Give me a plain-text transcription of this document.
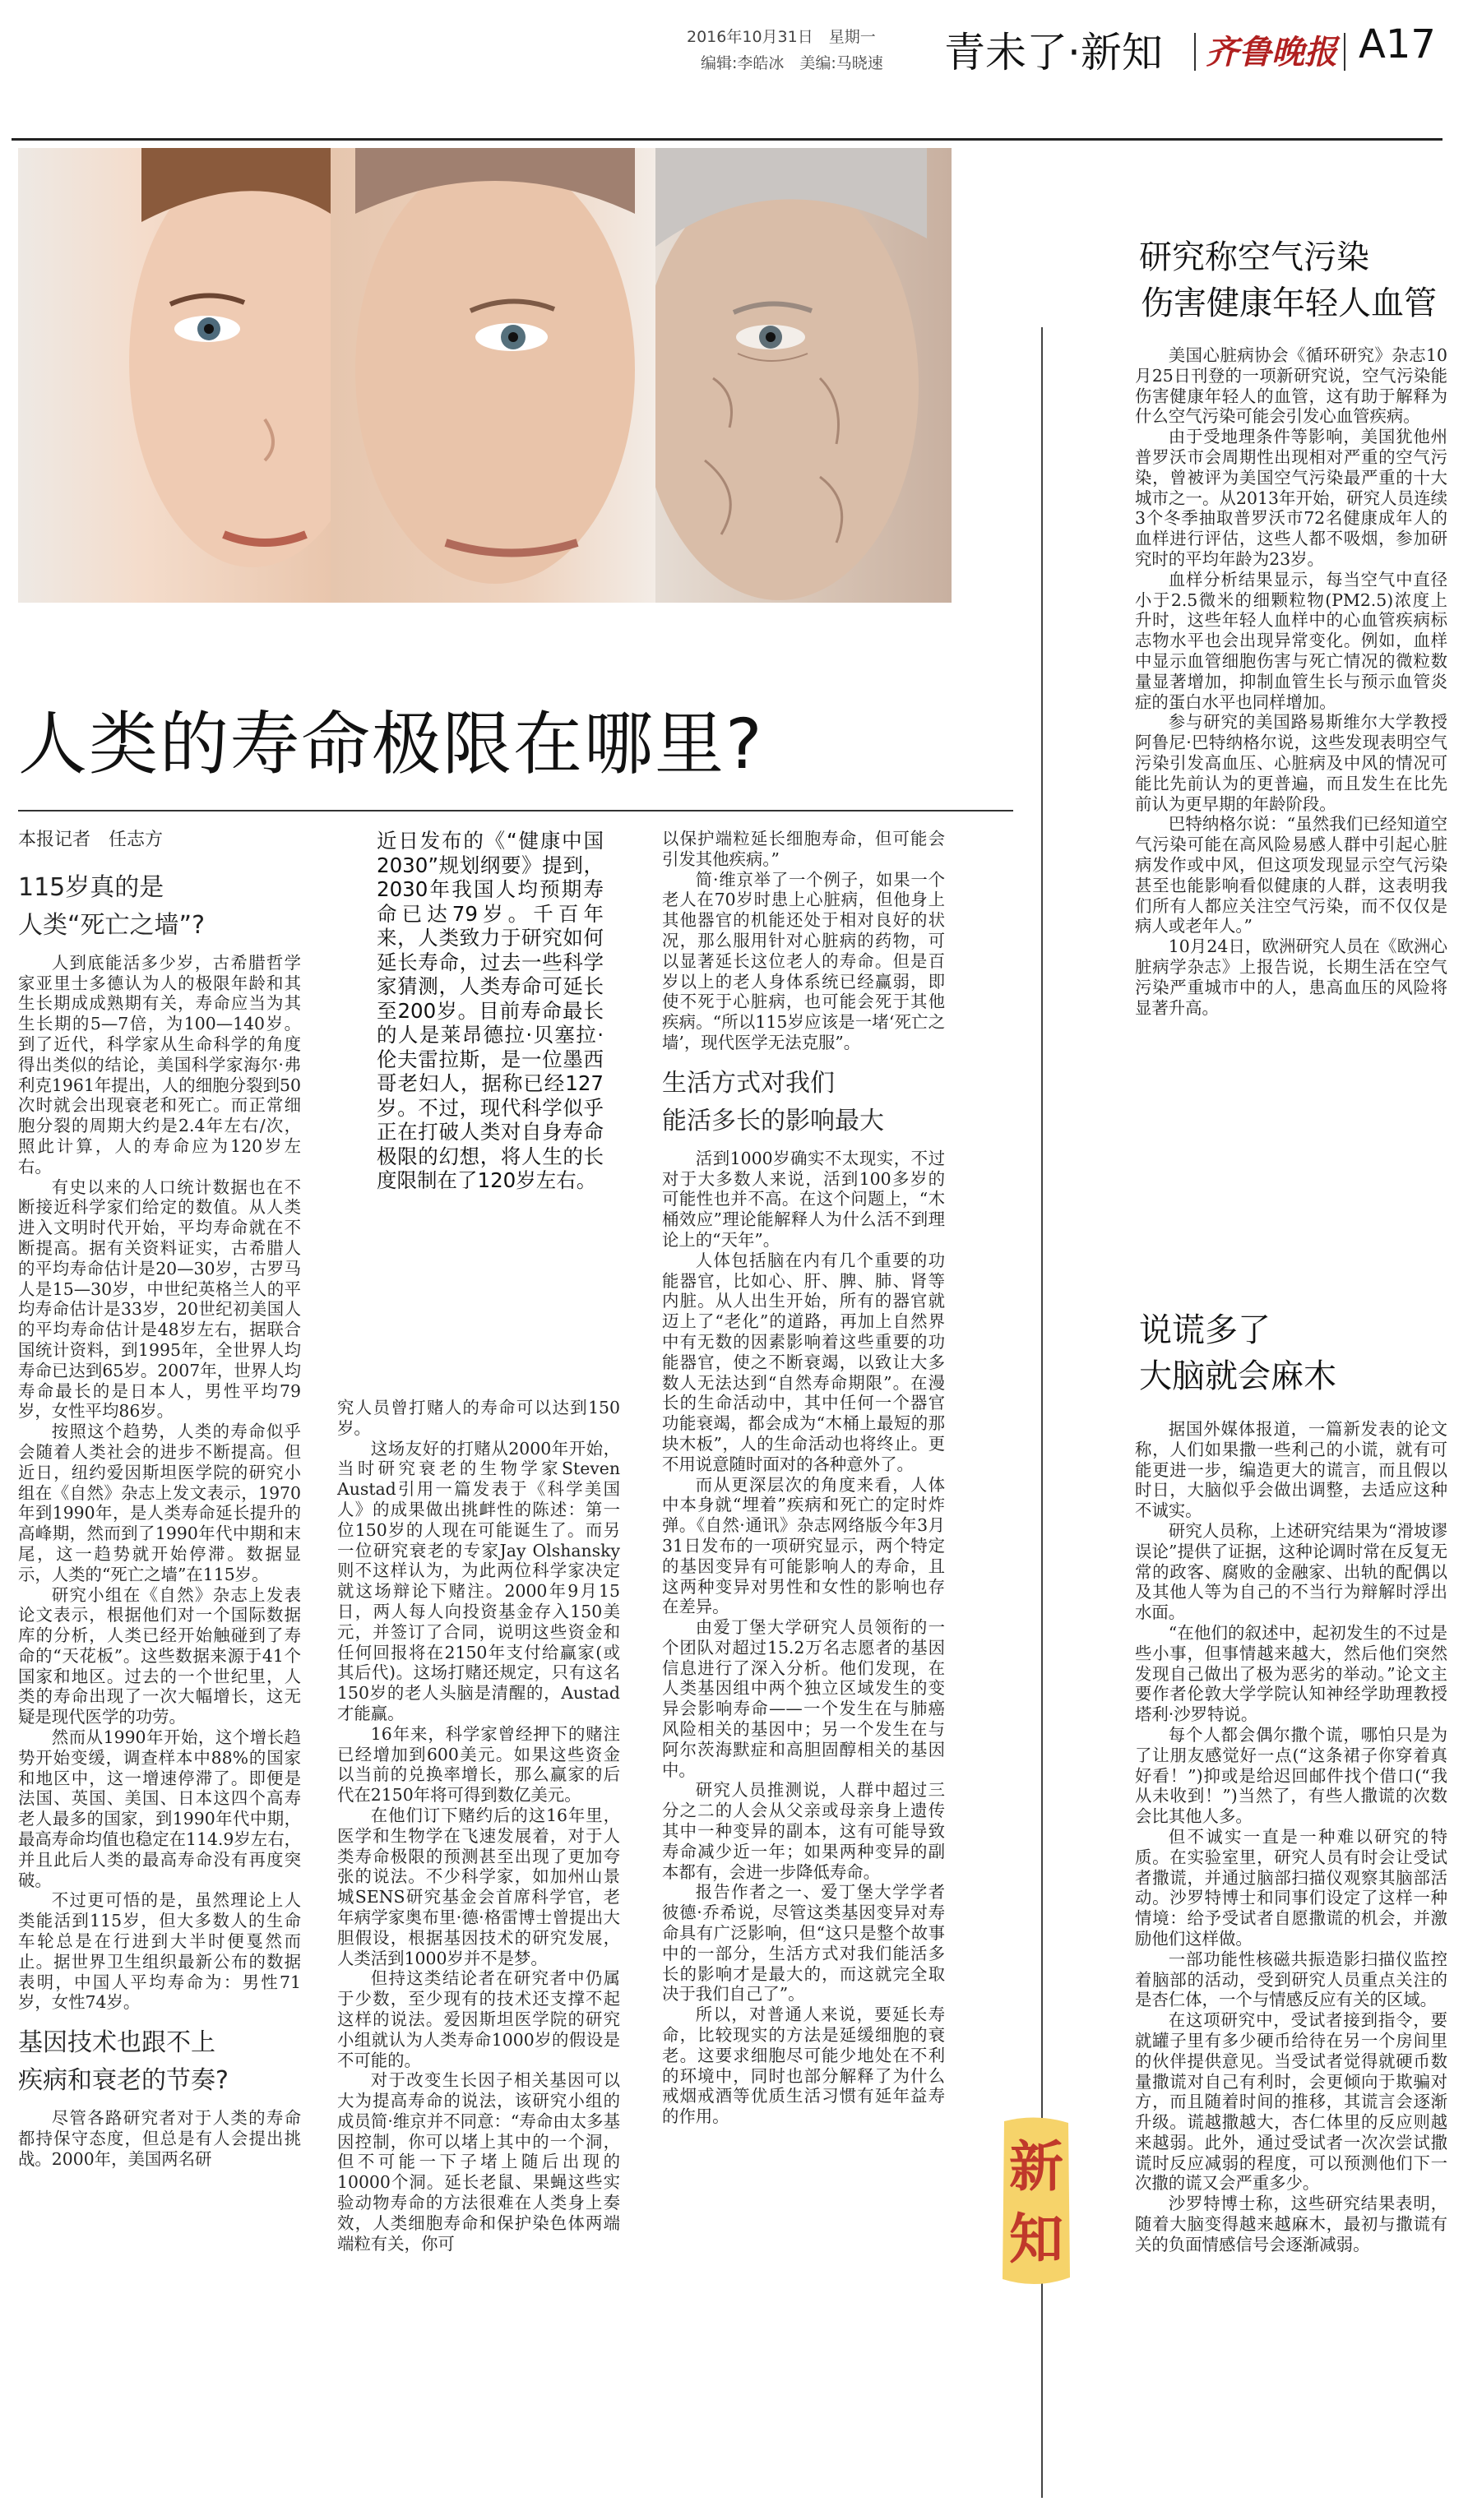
2016年10月31日　星期一
编辑:李皓冰　美编:马晓速 青未了·新知 齐鲁晚报 A17
人类的寿命极限在哪里?
本报记者　任志方
115岁真的是
人类“死亡之墙”?

人到底能活多少岁，古希腊哲学家亚里士多德认为人的极限年龄和其生长期成成熟期有关，寿命应当为其生长期的5—7倍，为100—140岁。到了近代，科学家从生命科学的角度得出类似的结论，美国科学家海尔·弗利克1961年提出，人的细胞分裂到50次时就会出现衰老和死亡。而正常细胞分裂的周期大约是2.4年左右/次，照此计算，人的寿命应为120岁左右。

有史以来的人口统计数据也在不断接近科学家们给定的数值。从人类进入文明时代开始，平均寿命就在不断提高。据有关资料证实，古希腊人的平均寿命估计是20—30岁，古罗马人是15—30岁，中世纪英格兰人的平均寿命估计是33岁，20世纪初美国人的平均寿命估计是48岁左右，据联合国统计资料，到1995年，全世界人均寿命已达到65岁。2007年，世界人均寿命最长的是日本人，男性平均79岁，女性平均86岁。

按照这个趋势，人类的寿命似乎会随着人类社会的进步不断提高。但近日，纽约爱因斯坦医学院的研究小组在《自然》杂志上发文表示，1970年到1990年，是人类寿命延长提升的高峰期，然而到了1990年代中期和末尾，这一趋势就开始停滞。数据显示，人类的“死亡之墙”在115岁。

研究小组在《自然》杂志上发表论文表示，根据他们对一个国际数据库的分析，人类已经开始触碰到了寿命的“天花板”。这些数据来源于41个国家和地区。过去的一个世纪里，人类的寿命出现了一次大幅增长，这无疑是现代医学的功劳。

然而从1990年开始，这个增长趋势开始变缓，调查样本中88%的国家和地区中，这一增速停滞了。即便是法国、英国、美国、日本这四个高寿老人最多的国家，到1990年代中期，最高寿命均值也稳定在114.9岁左右，并且此后人类的最高寿命没有再度突破。

不过更可悟的是，虽然理论上人类能活到115岁，但大多数人的生命车轮总是在行进到大半时便戛然而止。据世界卫生组织最新公布的数据表明，中国人平均寿命为：男性71岁，女性74岁。

基因技术也跟不上
疾病和衰老的节奏?

尽管各路研究者对于人类的寿命都持保守态度，但总是有人会提出挑战。2000年，美国两名研

近日发布的《“健康中国2030”规划纲要》提到，2030年我国人均预期寿命已达79岁。千百年来，人类致力于研究如何延长寿命，过去一些科学家猜测，人类寿命可延长至200岁。目前寿命最长的人是莱昂德拉·贝塞拉·伦夫雷拉斯，是一位墨西哥老妇人，据称已经127岁。不过，现代科学似乎正在打破人类对自身寿命极限的幻想，将人生的长度限制在了120岁左右。

究人员曾打赌人的寿命可以达到150岁。

这场友好的打赌从2000年开始，当时研究衰老的生物学家Steven Austad引用一篇发表于《科学美国人》的成果做出挑衅性的陈述：第一位150岁的人现在可能诞生了。而另一位研究衰老的专家Jay Olshansky则不这样认为，为此两位科学家决定就这场辩论下赌注。2000年9月15日，两人每人向投资基金存入150美元，并签订了合同，说明这些资金和任何回报将在2150年支付给赢家(或其后代)。这场打赌还规定，只有这名150岁的老人头脑是清醒的，Austad才能赢。

16年来，科学家曾经押下的赌注已经增加到600美元。如果这些资金以当前的兑换率增长，那么赢家的后代在2150年将可得到数亿美元。

在他们订下赌约后的这16年里，医学和生物学在飞速发展着，对于人类寿命极限的预测甚至出现了更加夸张的说法。不少科学家，如加州山景城SENS研究基金会首席科学官，老年病学家奥布里·德·格雷博士曾提出大胆假设，根据基因技术的研究发展，人类活到1000岁并不是梦。

但持这类结论者在研究者中仍属于少数，至少现有的技术还支撑不起这样的说法。爱因斯坦医学院的研究小组就认为人类寿命1000岁的假设是不可能的。

对于改变生长因子相关基因可以大为提高寿命的说法，该研究小组的成员简·维京并不同意：“寿命由太多基因控制，你可以堵上其中的一个洞，但不可能一下子堵上随后出现的10000个洞。延长老鼠、果蝇这些实验动物寿命的方法很难在人类身上奏效，人类细胞寿命和保护染色体两端端粒有关，你可

以保护端粒延长细胞寿命，但可能会引发其他疾病。”

简·维京举了一个例子，如果一个老人在70岁时患上心脏病，但他身上其他器官的机能还处于相对良好的状况，那么服用针对心脏病的药物，可以显著延长这位老人的寿命。但是百岁以上的老人身体系统已经赢弱，即使不死于心脏病，也可能会死于其他疾病。“所以115岁应该是一堵‘死亡之墙’，现代医学无法克服”。

生活方式对我们
能活多长的影响最大

活到1000岁确实不太现实，不过对于大多数人来说，活到100多岁的可能性也并不高。在这个问题上，“木桶效应”理论能解释人为什么活不到理论上的“天年”。

人体包括脑在内有几个重要的功能器官，比如心、肝、脾、肺、肾等内脏。从人出生开始，所有的器官就迈上了“老化”的道路，再加上自然界中有无数的因素影响着这些重要的功能器官，使之不断衰竭，以致让大多数人无法达到“自然寿命期限”。在漫长的生命活动中，其中任何一个器官功能衰竭，都会成为“木桶上最短的那块木板”，人的生命活动也将终止。更不用说意随时面对的各种意外了。

而从更深层次的角度来看，人体中本身就“埋着”疾病和死亡的定时炸弹。《自然·通讯》杂志网络版今年3月31日发布的一项研究显示，两个特定的基因变异有可能影响人的寿命，且这两种变异对男性和女性的影响也存在差异。

由爱丁堡大学研究人员领衔的一个团队对超过15.2万名志愿者的基因信息进行了深入分析。他们发现，在人类基因组中两个独立区域发生的变异会影响寿命——一个发生在与肺癌风险相关的基因中；另一个发生在与阿尔茨海默症和高胆固醇相关的基因中。

研究人员推测说，人群中超过三分之二的人会从父亲或母亲身上遗传其中一种变异的副本，这有可能导致寿命减少近一年；如果两种变异的副本都有，会进一步降低寿命。

报告作者之一、爱丁堡大学学者彼德·乔希说，尽管这类基因变异对寿命具有广泛影响，但“这只是整个故事中的一部分，生活方式对我们能活多长的影响才是最大的，而这就完全取决于我们自己了”。

所以，对普通人来说，要延长寿命，比较现实的方法是延缓细胞的衰老。这要求细胞尽可能少地处在不利的环境中，同时也部分解释了为什么戒烟戒酒等优质生活习惯有延年益寿的作用。

研究称空气污染
伤害健康年轻人血管

美国心脏病协会《循环研究》杂志10月25日刊登的一项新研究说，空气污染能伤害健康年轻人的血管，这有助于解释为什么空气污染可能会引发心血管疾病。

由于受地理条件等影响，美国犹他州普罗沃市会周期性出现相对严重的空气污染，曾被评为美国空气污染最严重的十大城市之一。从2013年开始，研究人员连续3个冬季抽取普罗沃市72名健康成年人的血样进行评估，这些人都不吸烟，参加研究时的平均年龄为23岁。

血样分析结果显示，每当空气中直径小于2.5微米的细颗粒物(PM2.5)浓度上升时，这些年轻人血样中的心血管疾病标志物水平也会出现异常变化。例如，血样中显示血管细胞伤害与死亡情况的微粒数量显著增加，抑制血管生长与预示血管炎症的蛋白水平也同样增加。

参与研究的美国路易斯维尔大学教授阿鲁尼·巴特纳格尔说，这些发现表明空气污染引发高血压、心脏病及中风的情况可能比先前认为的更普遍，而且发生在比先前认为更早期的年龄阶段。

巴特纳格尔说：“虽然我们已经知道空气污染可能在高风险易感人群中引起心脏病发作或中风，但这项发现显示空气污染甚至也能影响看似健康的人群，这表明我们所有人都应关注空气污染，而不仅仅是病人或老年人。”

10月24日，欧洲研究人员在《欧洲心脏病学杂志》上报告说，长期生活在空气污染严重城市中的人，患高血压的风险将显著升高。

说谎多了
大脑就会麻木

据国外媒体报道，一篇新发表的论文称，人们如果撒一些利己的小谎，就有可能更进一步，编造更大的谎言，而且假以时日，大脑似乎会做出调整，去适应这种不诚实。

研究人员称，上述研究结果为“滑坡谬误论”提供了证据，这种论调时常在反复无常的政客、腐败的金融家、出轨的配偶以及其他人等为自己的不当行为辩解时浮出水面。

“在他们的叙述中，起初发生的不过是些小事，但事情越来越大，然后他们突然发现自己做出了极为恶劣的举动。”论文主要作者伦敦大学学院认知神经学助理教授塔利·沙罗特说。

每个人都会偶尔撒个谎，哪怕只是为了让朋友感觉好一点(“这条裙子你穿着真好看！”)抑或是给迟回邮件找个借口(“我从未收到！”)当然了，有些人撒谎的次数会比其他人多。

但不诚实一直是一种难以研究的特质。在实验室里，研究人员有时会让受试者撒谎，并通过脑部扫描仪观察其脑部活动。沙罗特博士和同事们设定了这样一种情境：给予受试者自愿撒谎的机会，并激励他们这样做。

一部功能性核磁共振造影扫描仪监控着脑部的活动，受到研究人员重点关注的是杏仁体，一个与情感反应有关的区域。

在这项研究中，受试者接到指令，要就罐子里有多少硬币给待在另一个房间里的伙伴提供意见。当受试者觉得就硬币数量撒谎对自己有利时，会更倾向于欺骗对方，而且随着时间的推移，其谎言会逐渐升级。谎越撒越大，杏仁体里的反应则越来越弱。此外，通过受试者一次次尝试撒谎时反应减弱的程度，可以预测他们下一次撒的谎又会严重多少。

沙罗特博士称，这些研究结果表明，随着大脑变得越来越麻木，最初与撒谎有关的负面情感信号会逐渐减弱。

新
知
